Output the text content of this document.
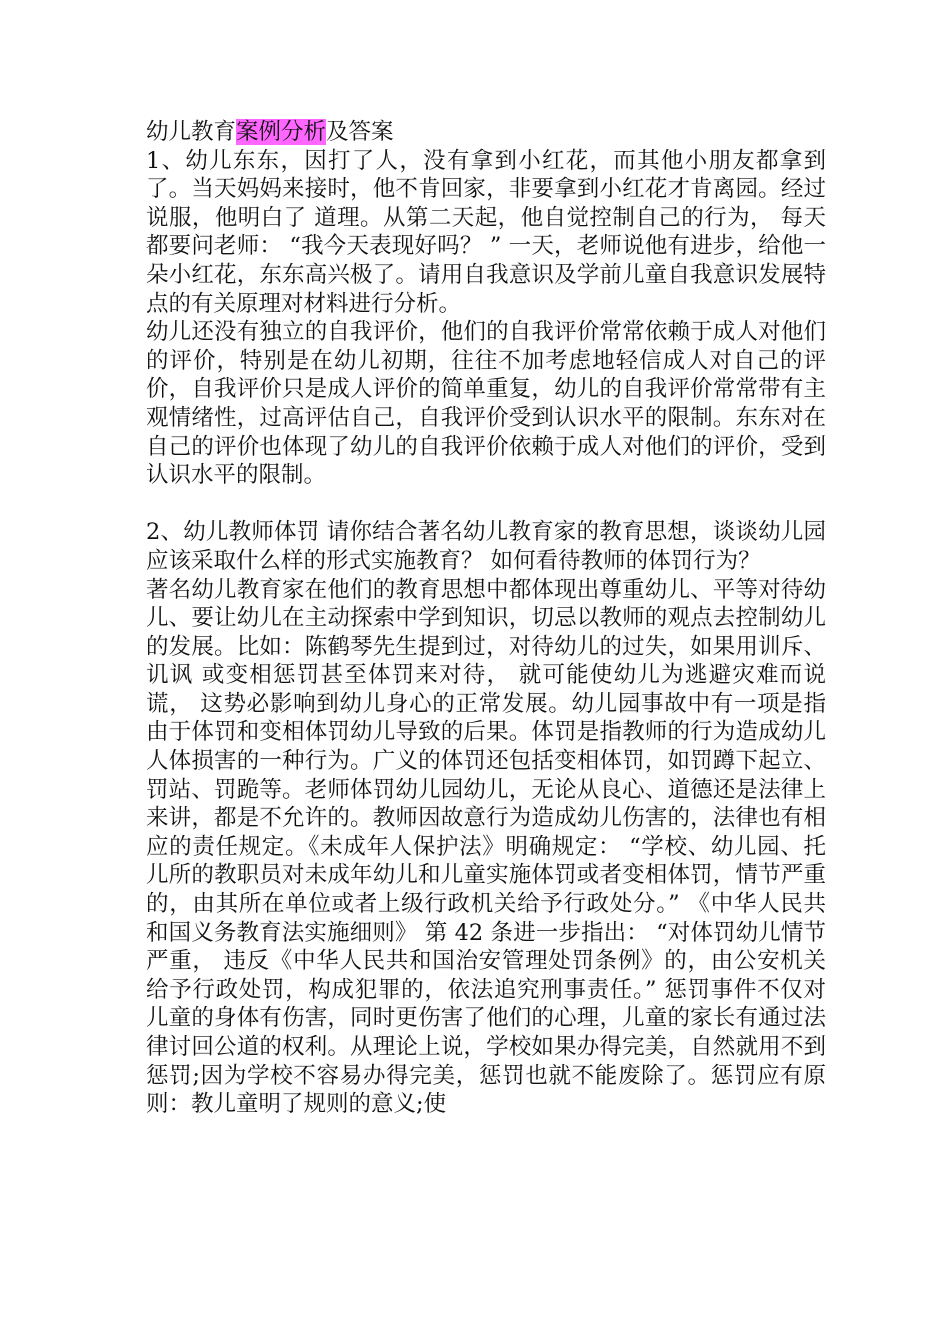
幼儿教育案例分析及答案

1、幼儿东东，因打了人，没有拿到小红花，而其他小朋友都拿到了。当天妈妈来接时，他不肯回家，非要拿到小红花才肯离园。经过说服，他明白了 道理。从第二天起，他自觉控制自己的行为， 每天都要问老师： “我今天表现好吗？ ” 一天，老师说他有进步，给他一朵小红花，东东高兴极了。请用自我意识及学前儿童自我意识发展特点的有关原理对材料进行分析。

幼儿还没有独立的自我评价，他们的自我评价常常依赖于成人对他们的评价，特别是在幼儿初期，往往不加考虑地轻信成人对自己的评价，自我评价只是成人评价的简单重复，幼儿的自我评价常常带有主观情绪性，过高评估自己，自我评价受到认识水平的限制。东东对在自己的评价也体现了幼儿的自我评价依赖于成人对他们的评价，受到认识水平的限制。

2、幼儿教师体罚 请你结合著名幼儿教育家的教育思想，谈谈幼儿园应该采取什么样的形式实施教育？ 如何看待教师的体罚行为？

著名幼儿教育家在他们的教育思想中都体现出尊重幼儿、平等对待幼儿、要让幼儿在主动探索中学到知识，切忌以教师的观点去控制幼儿的发展。比如：陈鹤琴先生提到过，对待幼儿的过失，如果用训斥、讥讽 或变相惩罚甚至体罚来对待， 就可能使幼儿为逃避灾难而说谎， 这势必影响到幼儿身心的正常发展。幼儿园事故中有一项是指由于体罚和变相体罚幼儿导致的后果。体罚是指教师的行为造成幼儿人体损害的一种行为。广义的体罚还包括变相体罚，如罚蹲下起立、罚站、罚跪等。老师体罚幼儿园幼儿，无论从良心、道德还是法律上来讲，都是不允许的。教师因故意行为造成幼儿伤害的，法律也有相应的责任规定。《未成年人保护法》明确规定： “学校、幼儿园、托儿所的教职员对未成年幼儿和儿童实施体罚或者变相体罚，情节严重的，由其所在单位或者上级行政机关给予行政处分。” 《中华人民共和国义务教育法实施细则》 第 42 条进一步指出： “对体罚幼儿情节严重， 违反《中华人民共和国治安管理处罚条例》的，由公安机关给予行政处罚，构成犯罪的，依法追究刑事责任。” 惩罚事件不仅对儿童的身体有伤害，同时更伤害了他们的心理，儿童的家长有通过法律讨回公道的权利。从理论上说，学校如果办得完美，自然就用不到惩罚;因为学校不容易办得完美，惩罚也就不能废除了。惩罚应有原则：教儿童明了规则的意义;使
